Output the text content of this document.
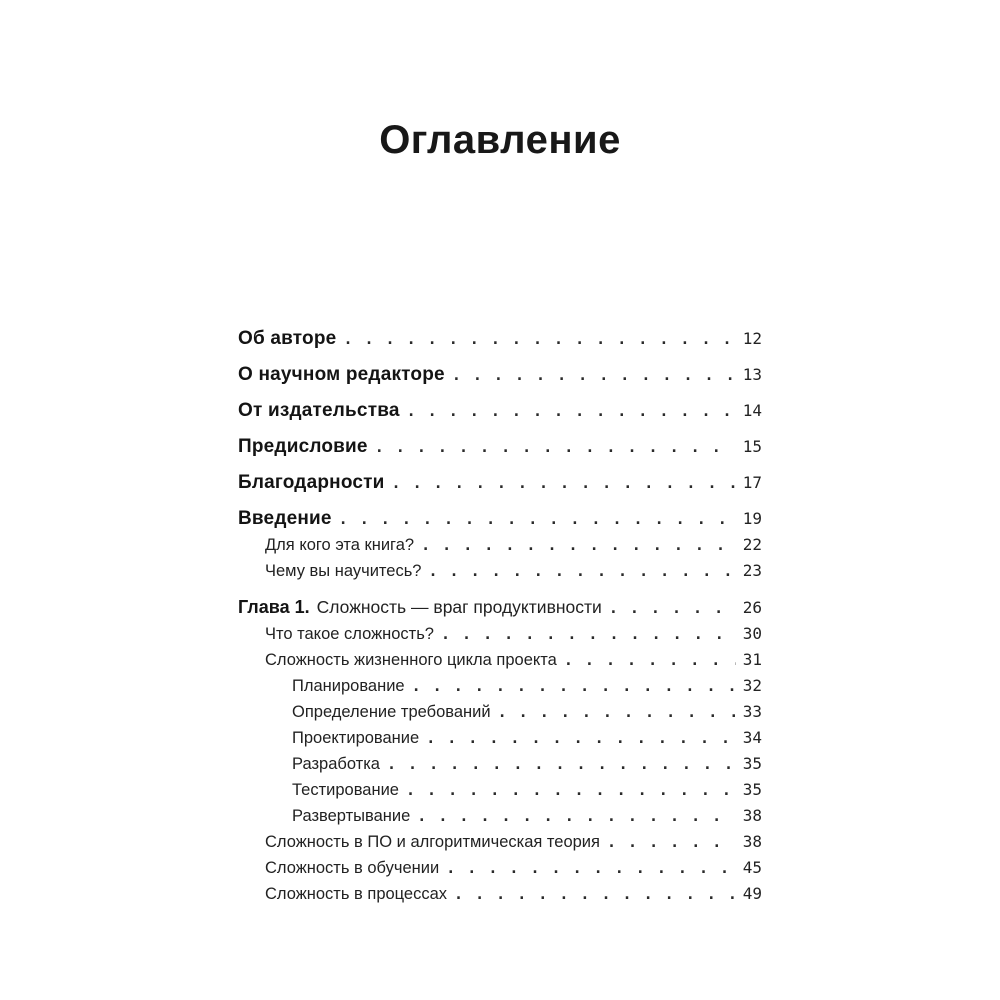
Оглавление
Об авторе . . .	12
О научном редакторе . . .	13
От издательства . . .	14
Предисловие . . .	15
Благодарности . . .	17
Введение . . .	19
Для кого эта книга? . . .	22
Чему вы научитесь? . . .	23
Глава 1. Сложность — враг продуктивности . . .	26
Что такое сложность? . . .	30
Сложность жизненного цикла проекта . . .	31
Планирование . . .	32
Определение требований . . .	33
Проектирование . . .	34
Разработка . . .	35
Тестирование . . .	35
Развертывание . . .	38
Сложность в ПО и алгоритмическая теория . . .	38
Сложность в обучении . . .	45
Сложность в процессах . . .	49
